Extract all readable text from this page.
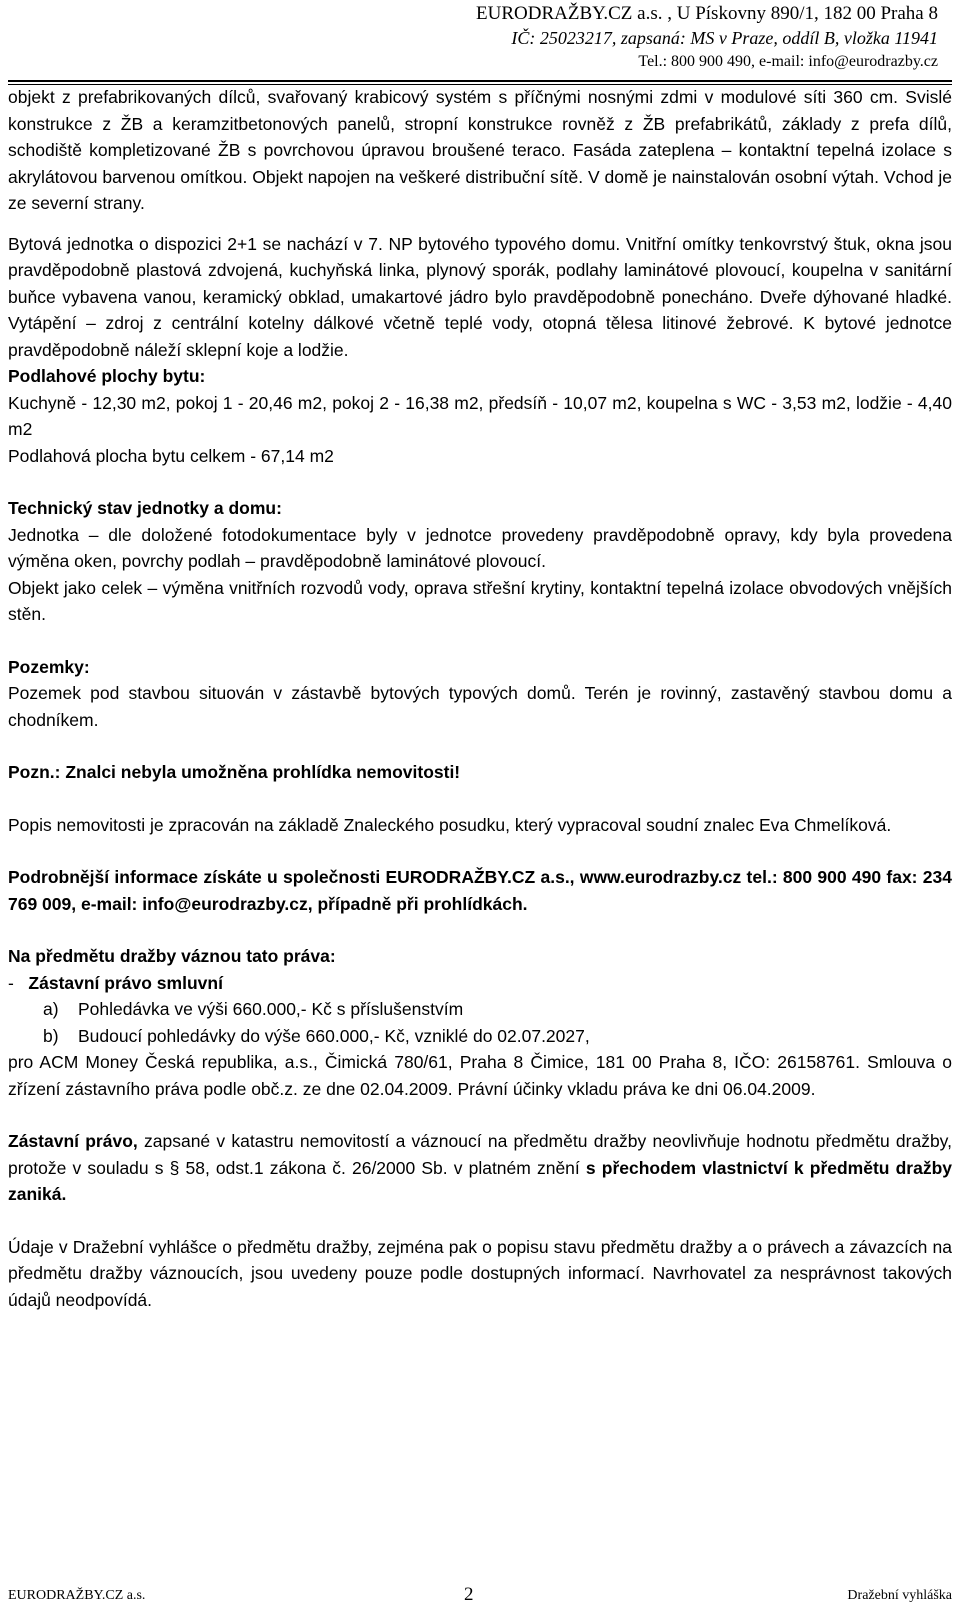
EURODRAŽBY.CZ a.s. , U Pískovny 890/1, 182 00 Praha 8
IČ: 25023217, zapsaná: MS v Praze, oddíl B, vložka 11941
Tel.: 800 900 490, e-mail: info@eurodrazby.cz

objekt z prefabrikovaných dílců, svařovaný krabicový systém s příčnými nosnými zdmi v modulové síti 360 cm. Svislé konstrukce z ŽB a keramzitbetonových panelů, stropní konstrukce rovněž z ŽB prefabrikátů, základy z prefa dílů, schodiště kompletizované ŽB s povrchovou úpravou broušené teraco. Fasáda zateplena – kontaktní tepelná izolace s akrylátovou barvenou omítkou. Objekt napojen na veškeré distribuční sítě. V domě je nainstalován osobní výtah. Vchod je ze severní strany.

Bytová jednotka o dispozici 2+1 se nachází v 7. NP bytového typového domu. Vnitřní omítky tenkovrstvý štuk, okna jsou pravděpodobně plastová zdvojená, kuchyňská linka, plynový sporák, podlahy laminátové plovoucí, koupelna v sanitární buňce vybavena vanou, keramický obklad, umakartové jádro bylo pravděpodobně ponecháno. Dveře dýhované hladké. Vytápění – zdroj z centrální kotelny dálkové včetně teplé vody, otopná tělesa litinové žebrové. K bytové jednotce pravděpodobně náleží sklepní koje a lodžie.

Podlahové plochy bytu:

Kuchyně - 12,30 m2, pokoj 1 - 20,46 m2, pokoj 2 - 16,38 m2, předsíň - 10,07 m2, koupelna s WC - 3,53 m2, lodžie - 4,40 m2

Podlahová plocha bytu celkem - 67,14 m2

Technický stav jednotky a domu:

Jednotka – dle doložené fotodokumentace byly v jednotce provedeny pravděpodobně opravy, kdy byla provedena výměna oken, povrchy podlah – pravděpodobně laminátové plovoucí.

Objekt jako celek – výměna vnitřních rozvodů vody, oprava střešní krytiny, kontaktní tepelná izolace obvodových vnějších stěn.

Pozemky:

Pozemek pod stavbou situován v zástavbě bytových typových domů. Terén je rovinný, zastavěný stavbou domu a chodníkem.

Pozn.: Znalci nebyla umožněna prohlídka nemovitosti!

Popis nemovitosti je zpracován na základě Znaleckého posudku, který vypracoval soudní znalec Eva Chmelíková.

Podrobnější informace získáte u společnosti EURODRAŽBY.CZ a.s., www.eurodrazby.cz tel.: 800 900 490 fax: 234 769 009, e-mail: info@eurodrazby.cz, případně při prohlídkách.

Na předmětu dražby váznou tato práva:

- Zástavní právo smluvní

a) Pohledávka ve výši 660.000,- Kč s příslušenstvím

b) Budoucí pohledávky do výše 660.000,- Kč, vzniklé do 02.07.2027,

pro ACM Money Česká republika, a.s., Čimická 780/61, Praha 8 Čimice, 181 00 Praha 8, IČO: 26158761. Smlouva o zřízení zástavního práva podle obč.z. ze dne 02.04.2009. Právní účinky vkladu práva ke dni 06.04.2009.

Zástavní právo, zapsané v katastru nemovitostí a váznoucí na předmětu dražby neovlivňuje hodnotu předmětu dražby, protože v souladu s § 58, odst.1 zákona č. 26/2000 Sb. v platném znění s přechodem vlastnictví k předmětu dražby zaniká.

Údaje v Dražební vyhlášce o předmětu dražby, zejména pak o popisu stavu předmětu dražby a o právech a závazcích na předmětu dražby váznoucích, jsou uvedeny pouze podle dostupných informací. Navrhovatel za nesprávnost takových údajů neodpovídá.

EURODRAŽBY.CZ a.s.	2	Dražební vyhláška
